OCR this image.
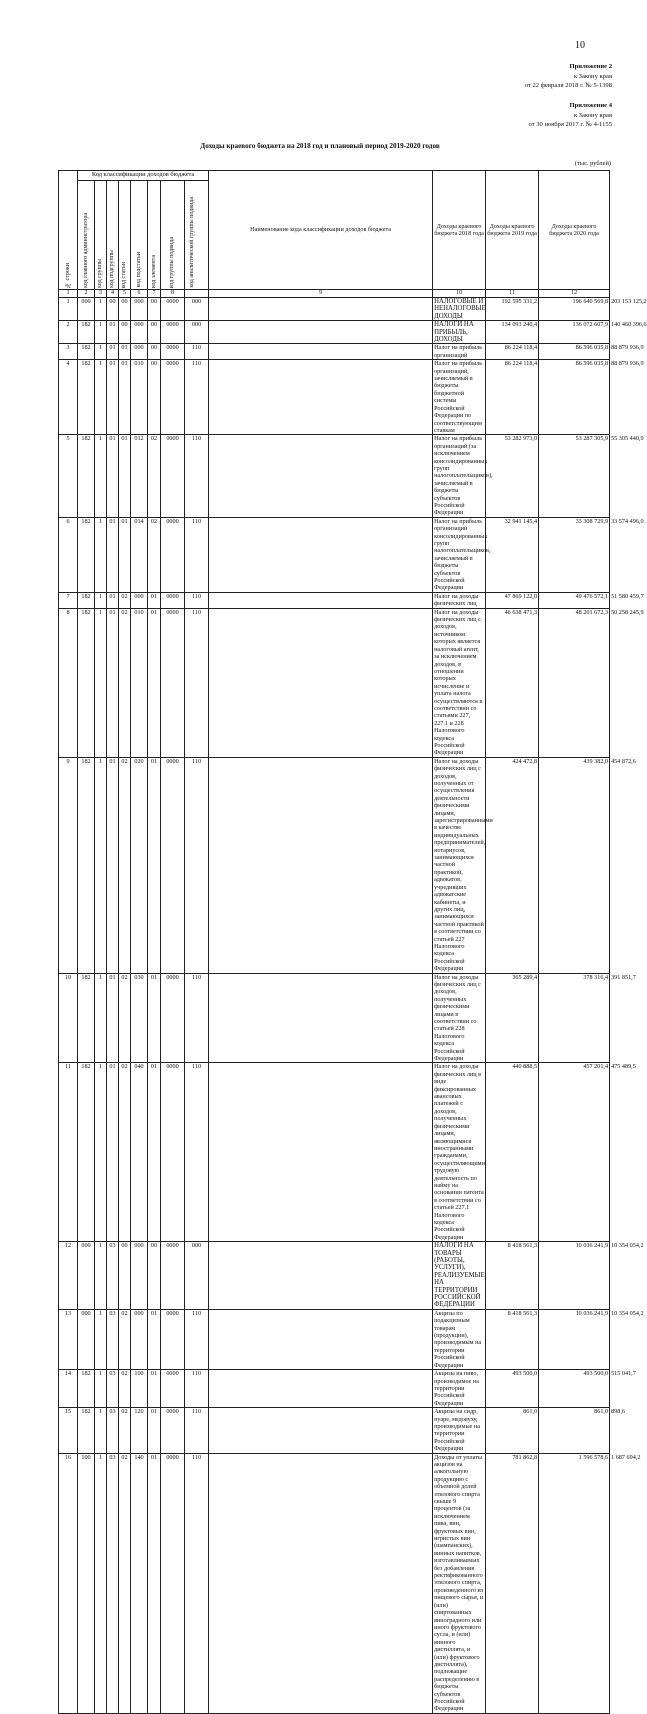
10
Приложение 2
к Закону края
от 22 февраля 2018 г. № 5-1398
Приложение 4
к Закону края
от 30 ноября 2017 г. № 4-1155
Доходы краевого бюджета на 2018 год и плановый период 2019-2020 годов
(тыс. рублей)
№ строки	Код классификации доходов бюджета								Наименование кода классификации доходов бюджета	Доходы краевого бюджета 2018 года	Доходы краевого бюджета 2019 года	Доходы краевого бюджета 2020 года	

	код главного администратора	код группы	код подгруппы	код статьи	код подстатьи	код элемента	код группы подвида	код аналитической группы подвида					

1	2	3	4	5	6	7	8		9	10	11	12	
1	000	1	00	00	000	00	0000	000		НАЛОГОВЫЕ И НЕНАЛОГОВЫЕ ДОХОДЫ	192 595 331,2	196 640 569,8	203 153 125,2
2	182	1	01	00	000	00	0000	000		НАЛОГИ НА ПРИБЫЛЬ, ДОХОДЫ	134 093 240,4	136 072 607,9	140 460 396,6
3	182	1	01	01	000	00	0000	110		Налог на прибыль организаций	86 224 118,4	86 596 035,8	88 879 936,9
4	182	1	01	01	010	00	0000	110		Налог на прибыль организаций, зачисляемый в бюджеты бюджетной системы Российской Федерации по соответствующим ставкам	86 224 118,4	86 596 035,8	88 879 936,9
5	182	1	01	01	012	02	0000	110		Налог на прибыль организаций (за исключением консолидированных групп налогоплательщиков), зачисляемый в бюджеты субъектов Российской Федерации	53 282 973,0	53 287 305,9	55 305 440,9
6	182	1	01	01	014	02	0000	110		Налог на прибыль организаций консолидированных групп налогоплательщиков, зачисляемый в бюджеты субъектов Российской Федерации	32 941 145,4	33 308 729,9	33 574 496,0
7	182	1	01	02	000	01	0000	110		Налог на доходы физических лиц	47 869 122,0	49 476 572,1	51 580 459,7
8	182	1	01	02	010	01	0000	110		Налог на доходы физических лиц с доходов, источником которых является налоговый агент, за исключением доходов, в отношении которых исчисление и уплата налога осуществляются в соответствии со статьями 227, 227.1 и 228 Налогового кодекса Российской Федерации	46 638 471,3	48 201 672,3	50 258 245,9
9	182	1	01	02	020	01	0000	110		Налог на доходы физических лиц с доходов, полученных от осуществления деятельности физическими лицами, зарегистрированными в качестве индивидуальных предпринимателей, нотариусов, занимающихся частной практикой, адвокатов, учредивших адвокатские кабинеты, и других лиц, занимающихся частной практикой в соответствии со статьей 227 Налогового кодекса Российской Федерации	424 472,8	439 382,0	454 872,6
10	182	1	01	02	030	01	0000	110		Налог на доходы физических лиц с доходов, полученных физическими лицами в соответствии со статьей 228 Налогового кодекса Российской Федерации	365 289,4	378 316,4	391 851,7
11	182	1	01	02	040	01	0000	110		Налог на доходы физических лиц в виде фиксированных авансовых платежей с доходов, полученных физическими лицами, являющимися иностранными гражданами, осуществляющими трудовую деятельность по найму на основании патента в соответствии со статьей 227.1 Налогового кодекса Российской Федерации	440 888,5	457 201,4	475 489,5
12	000	1	03	00	000	00	0000	000		НАЛОГИ НА ТОВАРЫ (РАБОТЫ, УСЛУГИ), РЕАЛИЗУЕМЫЕ НА ТЕРРИТОРИИ РОССИЙСКОЙ ФЕДЕРАЦИИ	8 418 561,3	10 036 241,9	10 354 054,2
13	000	1	03	02	000	01	0000	110		Акцизы по подакцизным товарам (продукции), производимым на территории Российской Федерации	8 418 561,3	10 036 241,9	10 354 054,2
14	182	1	03	02	100	01	0000	110		Акцизы на пиво, производимое на территории Российской Федерации	493 500,0	493 500,0	515 041,7
15	182	1	03	02	120	01	0000	110		Акцизы на сидр, пуаре, медовуху, производимые на территории Российской Федерации	861,0	861,0	898,6
16	100	1	03	02	140	01	0000	110		Доходы от уплаты акцизов на алкогольную продукцию с объемной долей этилового спирта свыше 9 процентов (за исключением пива, вин, фруктовых вин, игристых вин (шампанских), винных напитков, изготавливаемых без добавления ректификованного этилового спирта, произведенного из пищевого сырья, и (или) спиртованных виноградного или иного фруктового сусла, и (или) винного дистиллята, и (или) фруктового дистиллята), подлежащие распределению в бюджеты субъектов Российской Федерации	781 862,8	1 596 578,6	1 687 694,2
